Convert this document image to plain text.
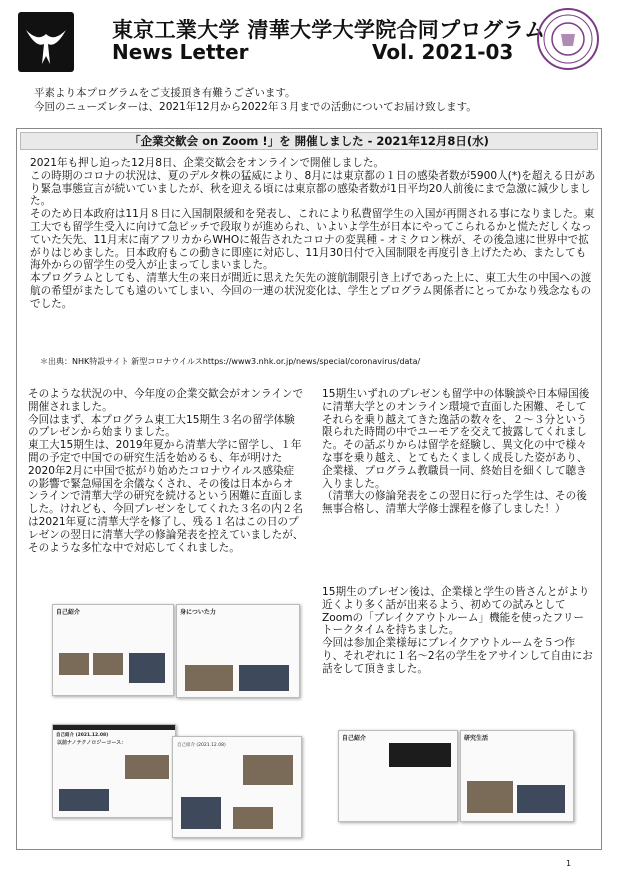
東京工業大学 清華大学大学院合同プログラム
News Letter	Vol. 2021-03
平素より本プログラムをご支援頂き有難うございます。
今回のニューズレターは、2021年12月から2022年３月までの活動についてお届け致します。
「企業交歓会 on Zoom !」を 開催しました - 2021年12月8日(水)

2021年も押し迫った12月8日、企業交歓会をオンラインで開催しました。

この時期のコロナの状況は、夏のデルタ株の猛威により、8月には東京都の１日の感染者数が5900人(*)を超える日があり緊急事態宣言が続いていましたが、秋を迎える頃には東京都の感染者数が1日平均20人前後にまで急激に減少しました。

そのため日本政府は11月８日に入国制限緩和を発表し、これにより私費留学生の入国が再開される事になりました。東工大でも留学生受入に向けて急ピッチで段取りが進められ、いよいよ学生が日本にやってこられるかと慌ただしくなっていた矢先、11月末に南アフリカからWHOに報告されたコロナの変異種 - オミクロン株が、その後急速に世界中で拡がりはじめました。日本政府もこの動きに即座に対応し、11月30日付で入国制限を再度引き上げたため、またしても海外からの留学生の受入が止まってしまいました。

本プログラムとしても、清華大生の来日が間近に思えた矢先の渡航制限引き上げであった上に、東工大生の中国への渡航の希望がまたしても遠のいてしまい、今回の一連の状況変化は、学生とプログラム関係者にとってかなり残念なものでした。

＊出典：NHK特設サイト 新型コロナウイルスhttps://www3.nhk.or.jp/news/special/coronavirus/data/

そのような状況の中、今年度の企業交歓会がオンラインで開催されました。

今回はまず、本プログラム東工大15期生３名の留学体験のプレゼンから始まりました。

東工大15期生は、2019年夏から清華大学に留学し、１年間の予定で中国での研究生活を始めるも、年が明けた2020年2月に中国で拡がり始めたコロナウイルス感染症の影響で緊急帰国を余儀なくされ、その後は日本からオンラインで清華大学の研究を続けるという困難に直面しました。けれども、今回プレゼンをしてくれた３名の内２名は2021年夏に清華大学を修了し、残る１名はこの日のプレゼンの翌日に清華大学の修論発表を控えていましたが、そのような多忙な中で対応してくれました。

15期生いずれのプレゼンも留学中の体験談や日本帰国後に清華大学とのオンライン環境で直面した困難、そしてそれらを乗り越えてきた逸話の数々を、２～３分という限られた時間の中でユーモアを交えて披露してくれました。その話ぶりからは留学を経験し、異文化の中で様々な事を乗り越え、とてもたくましく成長した姿があり、企業様、プログラム教職員一同、終始目を細くして聴き入りました。

（清華大の修論発表をこの翌日に行った学生は、その後無事合格し、清華大学修士課程を修了しました！）

15期生のプレゼン後は、企業様と学生の皆さんとがより近くより多く話が出来るよう、初めての試みとしてZoomの「ブレイクアウトルーム」機能を使ったフリートークタイムを持ちました。

今回は参加企業様毎にブレイクアウトルームを５つ作り、それぞれに１名～2名の学生をアサインして自由にお話をして頂きました。

自己紹介	身についた力
自己紹介 (2021.12.08)
以前ナノテクノロジーコース：	自己紹介 (2021.12.08)
自己紹介	研究生活
1
